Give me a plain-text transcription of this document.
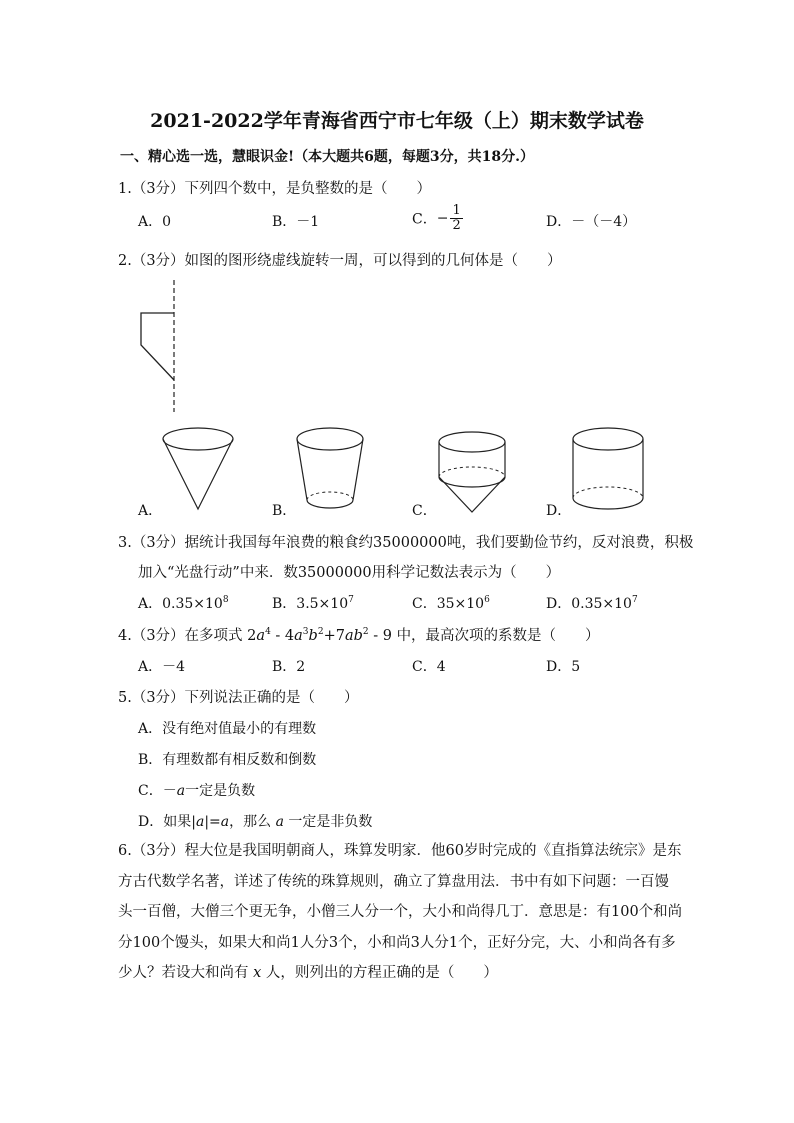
2021-2022学年青海省西宁市七年级（上）期末数学试卷
一、精心选一选，慧眼识金!（本大题共6题，每题3分，共18分.）
1.（3分）下列四个数中，是负整数的是（　　）
A．0	B．－1	C．− $\frac{1}{2}$	D．－（－4）
2.（3分）如图的图形绕虚线旋转一周，可以得到的几何体是（　　）
A．	B．	C．	D．
3.（3分）据统计我国每年浪费的粮食约35000000吨，我们要勤俭节约，反对浪费，积极
加入“光盘行动”中来．数35000000用科学记数法表示为（　　）
A．$0.35\times 10^8$	B．$3.5\times 10^7$	C．$35\times 10^6$	D．$0.35\times 10^7$
4.（3分）在多项式 $2a^4 - 4a^3b^2+7ab^2 - 9$ 中，最高次项的系数是（　　）
A．－4	B．2	C．4	D．5
5.（3分）下列说法正确的是（　　）
A．没有绝对值最小的有理数
B．有理数都有相反数和倒数
C．－a一定是负数
D．如果|a|=a，那么 a 一定是非负数
6.（3分）程大位是我国明朝商人，珠算发明家．他60岁时完成的《直指算法统宗》是东方古代数学名著，详述了传统的珠算规则，确立了算盘用法．书中有如下问题：一百馒头一百僧，大僧三个更无争，小僧三人分一个，大小和尚得几丁．意思是：有100个和尚分100个馒头，如果大和尚1人分3个，小和尚3人分1个，正好分完，大、小和尚各有多少人？若设大和尚有 x 人，则列出的方程正确的是（　　）
